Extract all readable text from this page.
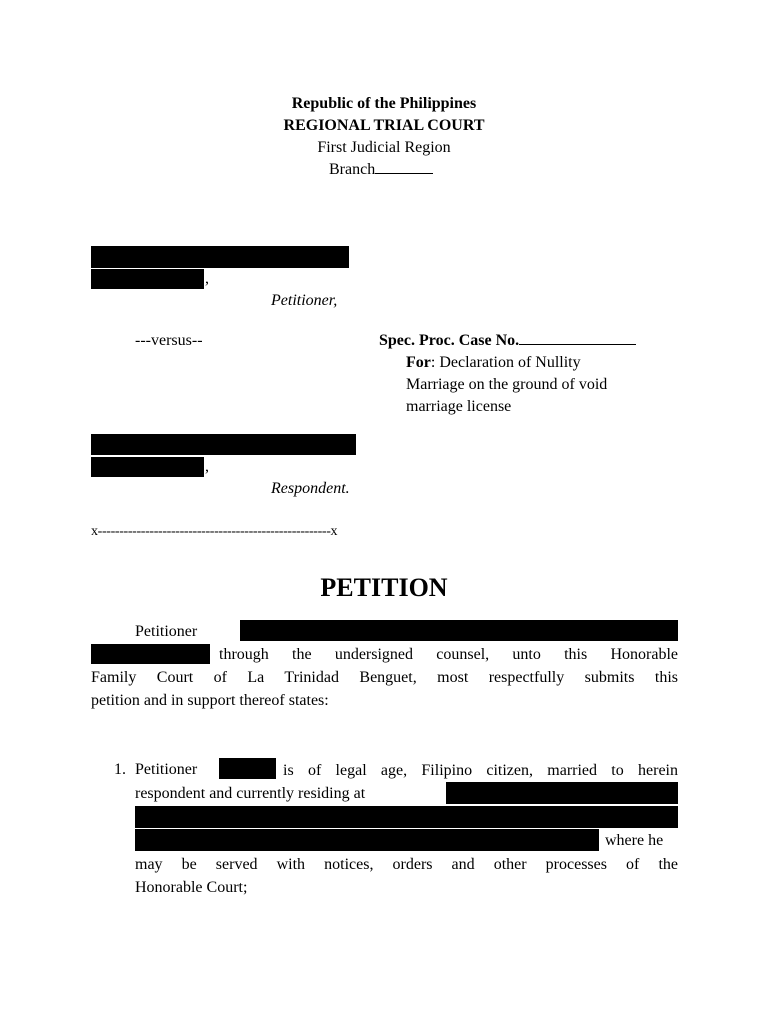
Republic of the Philippines
REGIONAL TRIAL COURT
First Judicial Region
Branch
,
Petitioner,
---versus--	Spec. Proc. Case No.
For: Declaration of Nullity
Marriage on the ground of void
marriage license
,
Respondent.
x------------------------------------------------------x
PETITION
Petitioner
through the undersigned counsel, unto this Honorable
Family Court of La Trinidad Benguet, most respectfully submits this
petition and in support thereof states:
1. Petitioner	is of legal age, Filipino citizen, married to herein
respondent and currently residing at
where he
may be served with notices, orders and other processes of the
Honorable Court;
